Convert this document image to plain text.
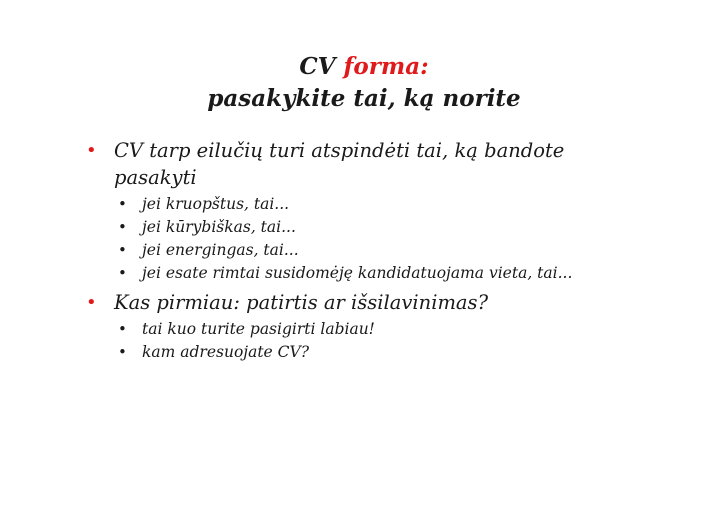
CV forma:
pasakykite tai, ką norite
• CV tarp eilučių turi atspindėti tai, ką bandote pasakyti
• jei kruopštus, tai...
• jei kūrybiškas, tai...
• jei energingas, tai...
• jei esate rimtai susidomėję kandidatuojama vieta, tai...
• Kas pirmiau: patirtis ar išsilavinimas?
• tai kuo turite pasigirti labiau!
• kam adresuojate CV?
